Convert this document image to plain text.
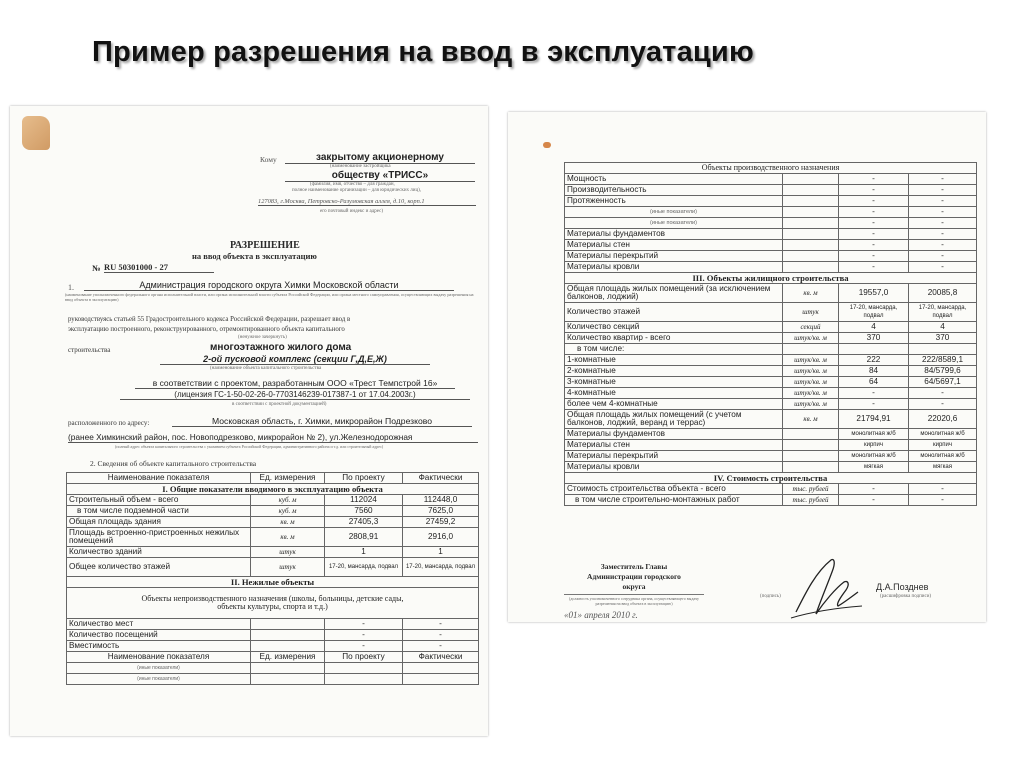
Пример разрешения на ввод в эксплуатацию
Кому	закрытому акционерному
(наименование застройщика
обществу «ТРИСС»
(фамилия, имя, отчество – для граждан,
полное наименование организации – для юридических лиц),
127083, г.Москва, Петровско-Разумовская аллея, д.10, корп.1
его почтовый индекс и адрес)
РАЗРЕШЕНИЕ
на ввод объекта в эксплуатацию
№ RU 50301000 - 27
1.	Администрация городского округа Химки Московской области
(наименование уполномоченного федерального органа исполнительной власти, или органа исполнительной власти субъекта Российской Федерации, или органа местного самоуправления, осуществляющих выдачу разрешения на ввод объекта в эксплуатацию)
руководствуясь статьей 55 Градостроительного кодекса Российской Федерации, разрешает ввод в
эксплуатацию построенного, реконструированного, отремонтированного объекта капитального
(ненужное зачеркнуть)
строительства	многоэтажного жилого дома
2-ой пусковой комплекс (секции Г,Д,Е,Ж)
(наименование объекта капитального строительства
в соответствии с проектом, разработанным ООО «Трест Темпстрой 16»
(лицензия ГС-1-50-02-26-0-7703146239-017387-1 от 17.04.2003г.)
в соответствии с проектной документацией)
расположенного по адресу:	Московская область, г. Химки, микрорайон Подрезково
(ранее Химкинский район, пос. Новоподрезково, микрорайон № 2), ул.Железнодорожная
(полный адрес объекта капитального строительства с указанием субъекта Российской Федерации, административного района и т.д. или строительный адрес)
2. Сведения об объекте капитального строительства
Наименование показателя	Ед. измерения	По проекту	Фактически
I. Общие показатели вводимого в эксплуатацию объекта			
Строительный объем - всего	куб. м	112024	112448,0
в том числе подземной части	куб. м	7560	7625,0
Общая площадь здания	кв. м	27405,3	27459,2
Площадь встроенно-пристроенных нежилых помещений	кв. м	2808,91	2916,0
Количество зданий	штук	1	1
Общее количество этажей	штук	17-20, мансарда, подвал	17-20, мансарда, подвал
II. Нежилые объекты			

Объекты непроизводственного назначения (школы, больницы, детские сады,
объекты культуры, спорта и т.д.)			

Количество мест		-	-
Количество посещений		-	-
Вместимость		-	-
Наименование показателя	Ед. измерения	По проекту	Фактически
(иные показатели)			
(иные показатели)			
Объекты производственного назначения			
Мощность		-	-
Производительность		-	-
Протяженность		-	-
(иные показатели)		-	-
(иные показатели)		-	-
Материалы фундаментов		-	-
Материалы стен		-	-
Материалы перекрытий		-	-
Материалы кровли		-	-
III. Объекты жилищного строительства			
Общая площадь жилых помещений (за исключением балконов, лоджий)	кв. м	19557,0	20085,8
Количество этажей	штук	17-20, мансарда, подвал	17-20, мансарда, подвал
Количество секций	секций	4	4
Количество квартир - всего	штук/кв. м	370	370
в том числе:			
1-комнатные	штук/кв. м	222	222/8589,1
2-комнатные	штук/кв. м	84	84/5799,6
3-комнатные	штук/кв. м	64	64/5697,1
4-комнатные	штук/кв. м	-	-
более чем 4-комнатные	штук/кв. м	-	-
Общая площадь жилых помещений (с учетом балконов, лоджий, веранд и террас)	кв. м	21794,91	22020,6
Материалы фундаментов		монолитная ж/б	монолитная ж/б
Материалы стен		кирпич	кирпич
Материалы перекрытий		монолитная ж/б	монолитная ж/б
Материалы кровли		мягкая	мягкая
IV. Стоимость строительства			
Стоимость строительства объекта - всего	тыс. рублей	-	-
в том числе строительно-монтажных работ	тыс. рублей	-	-
Заместитель Главы
Администрации городского
округа
(должность уполномоченного сотрудника органа, осуществляющего выдачу разрешения на ввод объекта в эксплуатацию)
(подпись)
Д.А.Позднев
(расшифровка подписи)
«01» апреля 2010 г.
